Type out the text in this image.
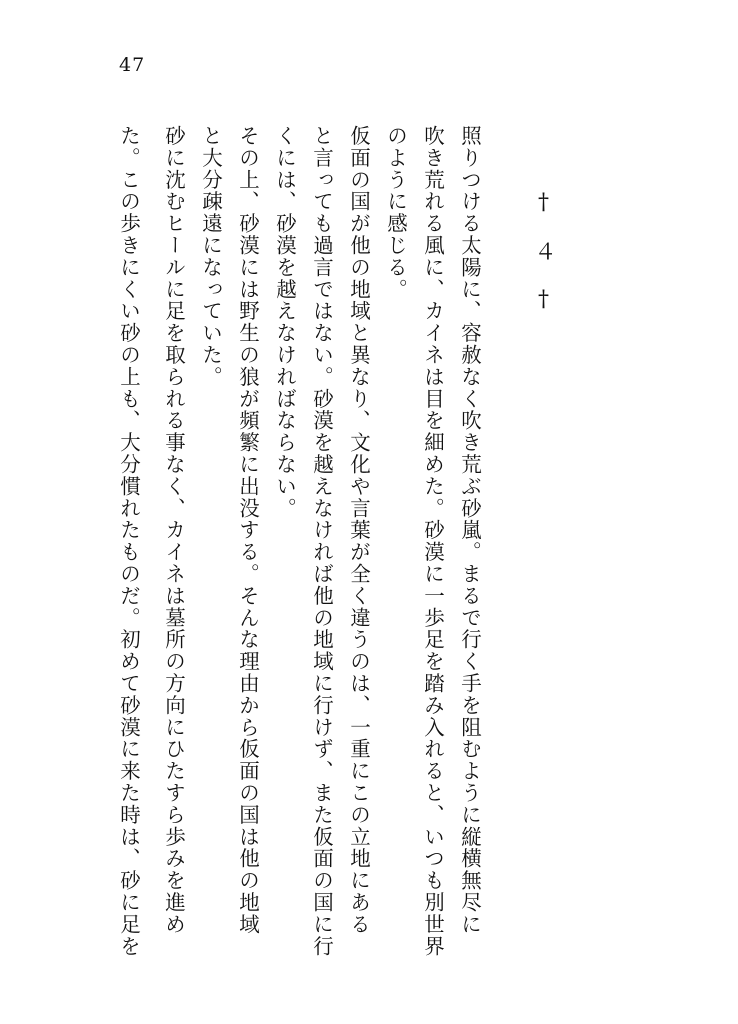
47
† ４ †
照りつける太陽に、容赦なく吹き荒ぶ砂嵐。まるで行く手を阻むように縦横無尽に
吹き荒れる風に、カイネは目を細めた。砂漠に一歩足を踏み入れると、いつも別世界
のように感じる。
仮面の国が他の地域と異なり、文化や言葉が全く違うのは、一重にこの立地にある
と言っても過言ではない。砂漠を越えなければ他の地域に行けず、また仮面の国に行
くには、砂漠を越えなければならない。
その上、砂漠には野生の狼が頻繁に出没する。そんな理由から仮面の国は他の地域
と大分疎遠になっていた。
砂に沈むヒールに足を取られる事なく、カイネは墓所の方向にひたすら歩みを進め
た。この歩きにくい砂の上も、大分慣れたものだ。初めて砂漠に来た時は、砂に足を
